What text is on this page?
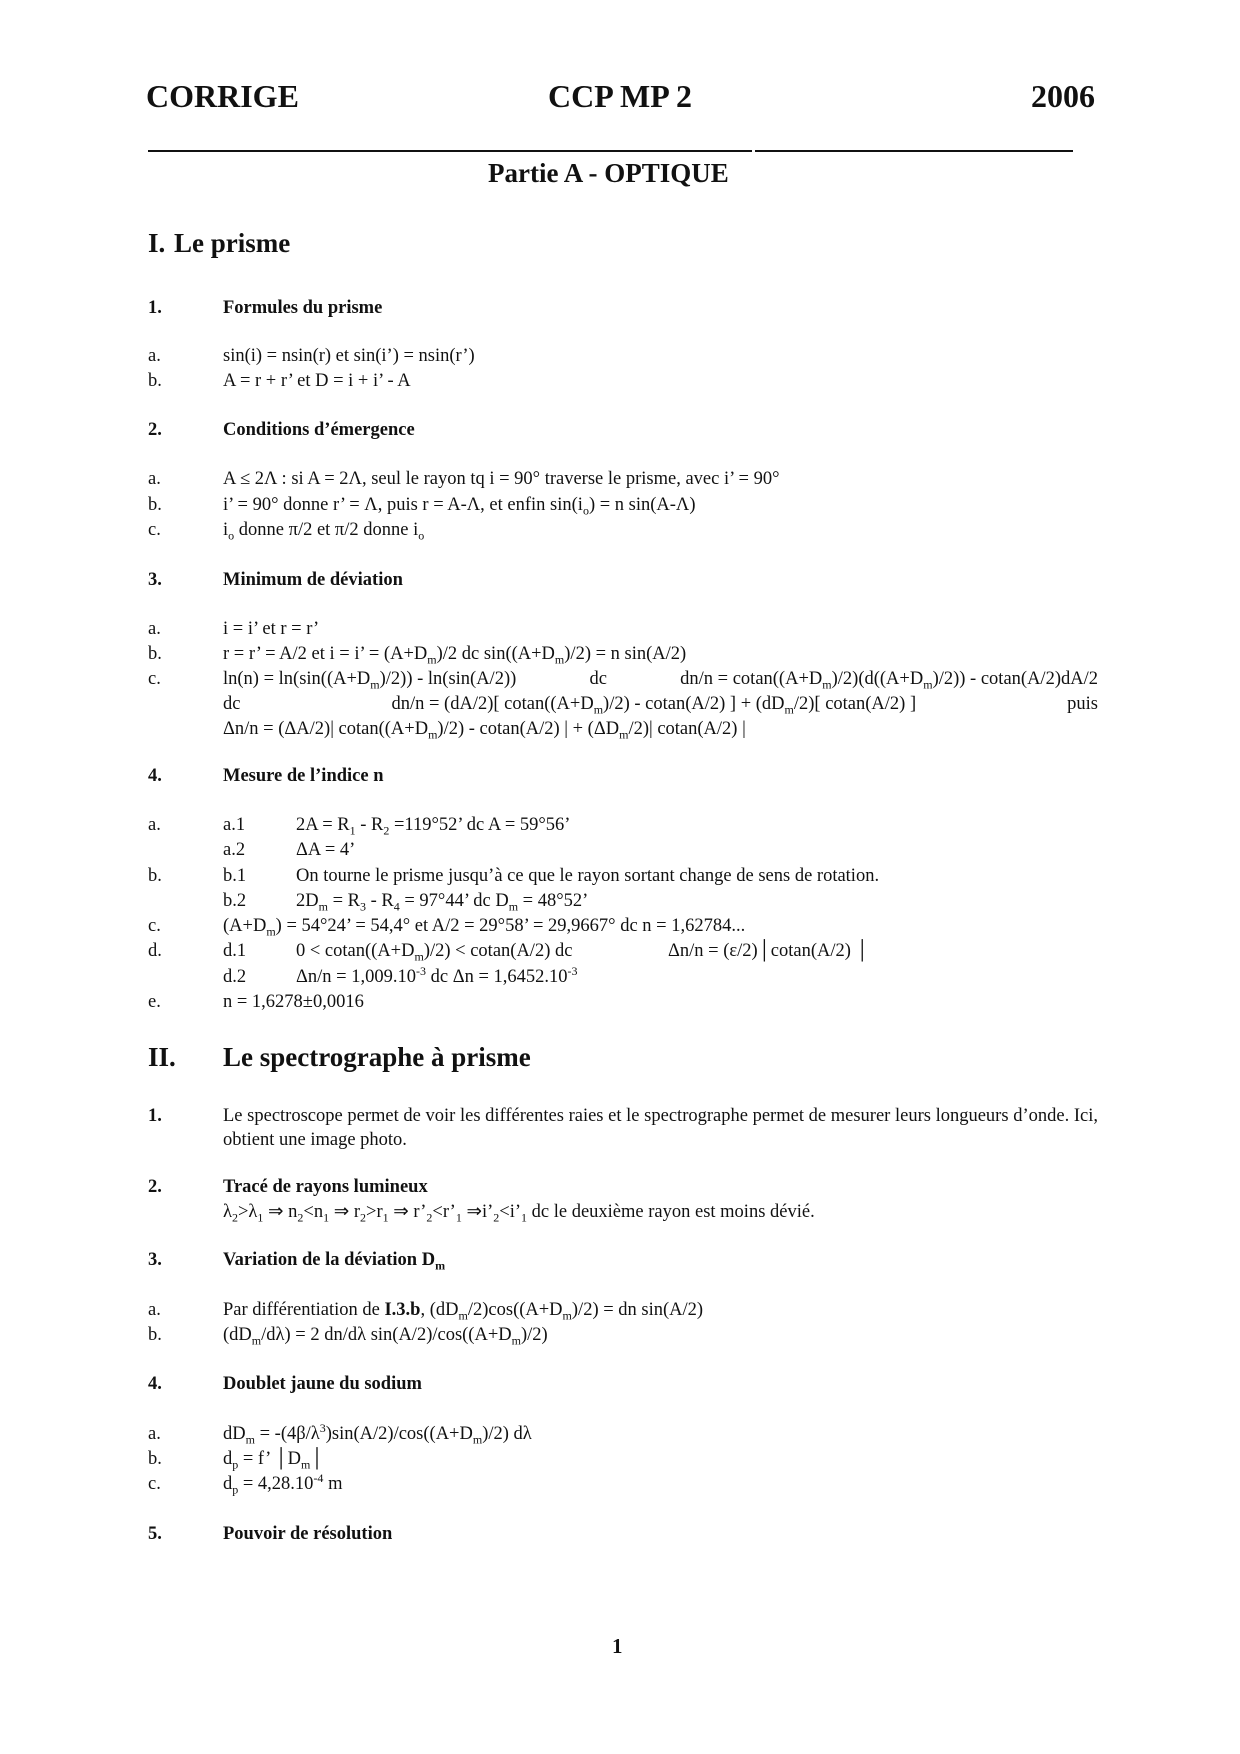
CORRIGE	CCP MP 2	2006
Partie A - OPTIQUE
I. Le prisme
1.	Formules du prisme
a.	sin(i) = nsin(r) et sin(i’) = nsin(r’)
b.	A = r + r’ et D = i + i’ - A
2.	Conditions d’émergence
a.	A ≤ 2Λ : si A = 2Λ, seul le rayon tq i = 90° traverse le prisme, avec i’ = 90°
b.	i’ = 90° donne r’ = Λ, puis r = A-Λ, et enfin $\sin(i_o) = n$ sin(A-Λ)
c.	$i_o$ donne π/2 et π/2 donne $i_o$
3.	Minimum de déviation
a.	i = i’ et r = r’
b.	r = r’ = A/2 et i = i’ = $(A+D_m)/2$ dc $\sin((A+D_m)/2) = n$ sin(A/2)
c.	$\ln(n) = \ln(\sin((A+D_m)/2)) - \ln(\sin(A/2))$	dc	$dn/n = cotan((A+D_m)/2)(d((A+D_m)/2)) - cotan(A/2)dA/2$
dc	dn/n = (dA/2)[ $cotan((A+D_m)/2) - cotan(A/2)$ ] + $(dD_m/2)$[ cotan(A/2) ]	puis
Δn/n = (ΔA/2)| $cotan((A+D_m)/2) - cotan(A/2)$ | + $(\Delta D_m/2)|$ cotan(A/2) |
4.	Mesure de l’indice n
a.	a.1	$2A = R_1 - R_2 =119^\circ 52$’ dc A = 59°56’
a.2	ΔA = 4’
b.	b.1	On tourne le prisme jusqu’à ce que le rayon sortant change de sens de rotation.
b.2	$2D_m = R_3 - R_4 = 97^\circ 44$’ dc $D_m = 48^\circ 52$’
c.	$(A+D_m) = 54^\circ 24$’ = 54,4° et A/2 = 29°58’ = 29,9667° dc n = 1,62784...
d.	d.1	$0 < cotan((A+D_m)/2) < cotan(A/2)$ dc	Δn/n = (ε/2)│cotan(A/2) │
d.2	$\Delta n/n = 1,009.10^{-3}$ dc $\Delta n = 1,6452.10^{-3}$
e.	n = 1,6278±0,0016
II. Le spectrographe à prisme
1.	Le spectroscope permet de voir les différentes raies et le spectrographe permet de mesurer leurs longueurs d’onde. Ici, obtient une image photo.
2.	Tracé de rayons lumineux
$\lambda_2>\lambda_1$ ⇒ $n_2<n_1$ ⇒ $r_2>r_1$ ⇒ $r’_2<r’_1$ $\Rightarrow i’_2<i’_1$ dc le deuxième rayon est moins dévié.
3.	Variation de la déviation $D_m$
a.	Par différentiation de I.3.b, $(dD_m/2)\cos((A+D_m)/2)$ = dn sin(A/2)
b.	$(dD_m/d\lambda) = 2$ dn/dλ $\sin(A/2)/\cos((A+D_m)/2)$
4.	Doublet jaune du sodium
a.	$dD_m = -(4\beta/\lambda^3)\sin(A/2)/\cos((A+D_m)/2)$ dλ
b.	$d_p = f$’ $│D_m│$
c.	$d_p = 4,28.10^{-4}$ m
5.	Pouvoir de résolution
1
